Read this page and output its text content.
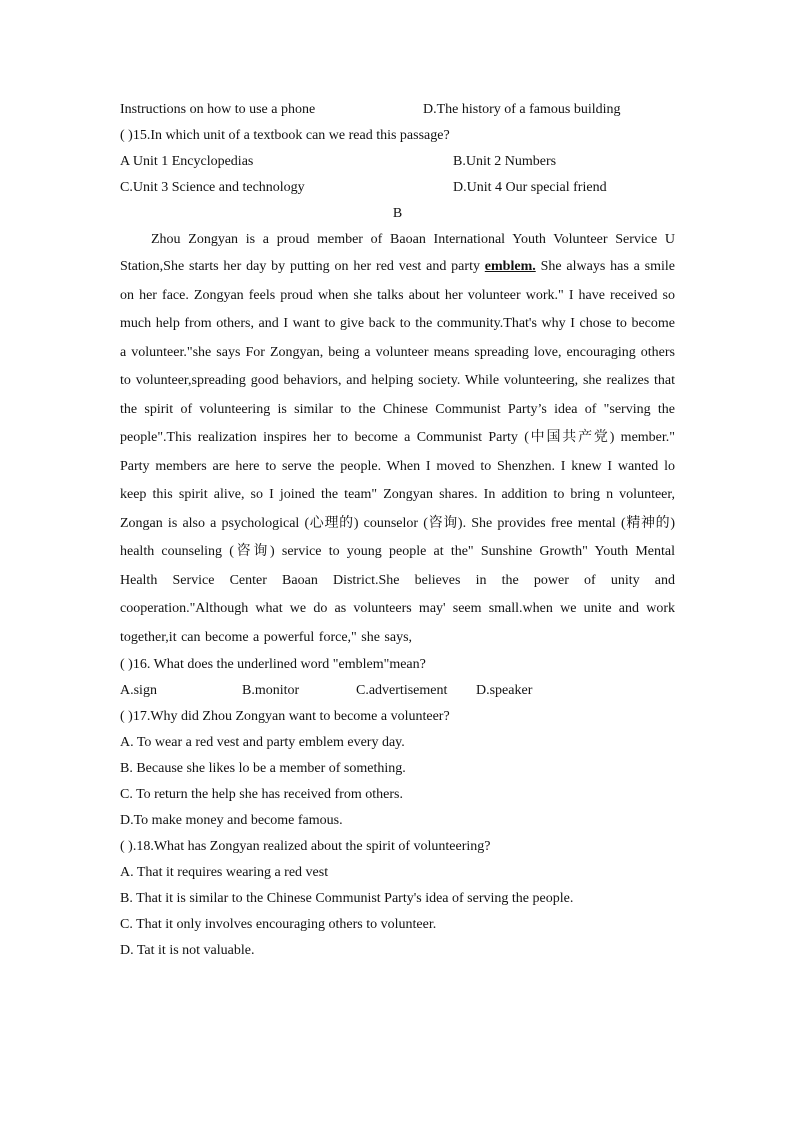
Instructions on how to use a phone	D.The history of a famous building
( )15.In which unit of a textbook can we read this passage?
A Unit 1 Encyclopedias	B.Unit 2 Numbers
C.Unit 3 Science and technology	D.Unit 4 Our special friend
B
Zhou Zongyan is a proud member of Baoan International Youth Volunteer Service U Station,She starts her day by putting on her red vest and party emblem. She always has a smile on her face. Zongyan feels proud when she talks about her volunteer work." I have received so much help from others, and I want to give back to the community.That's why I chose to become a volunteer."she says For Zongyan, being a volunteer means spreading love, encouraging others to volunteer,spreading good behaviors, and helping society. While volunteering, she realizes that the spirit of volunteering is similar to the Chinese Communist Party’s idea of "serving the people".This realization inspires her to become a Communist Party (中国共产党) member." Party members are here to serve the people. When I moved to Shenzhen. I knew I wanted lo keep this spirit alive, so I joined the team" Zongyan shares. In addition to bring n volunteer, Zongan is also a psychological (心理的) counselor (咨询). She provides free mental (精神的) health counseling (咨询) service to young people at the" Sunshine Growth" Youth Mental Health Service Center Baoan District.She believes in the power of unity and cooperation."Although what we do as volunteers may' seem small.when we unite and work together,it can become a powerful force," she says,
( )16. What does the underlined word "emblem"mean?
A.sign	B.monitor	C.advertisement	D.speaker
( )17.Why did Zhou Zongyan want to become a volunteer?
A. To wear a red vest and party emblem every day.
B. Because she likes lo be a member of something.
C. To return the help she has received from others.
D.To make money and become famous.
( ).18.What has Zongyan realized about the spirit of volunteering?
A. That it requires wearing a red vest
B. That it is similar to the Chinese Communist Party's idea of serving the people.
C. That it only involves encouraging others to volunteer.
D. Tat it is not valuable.
